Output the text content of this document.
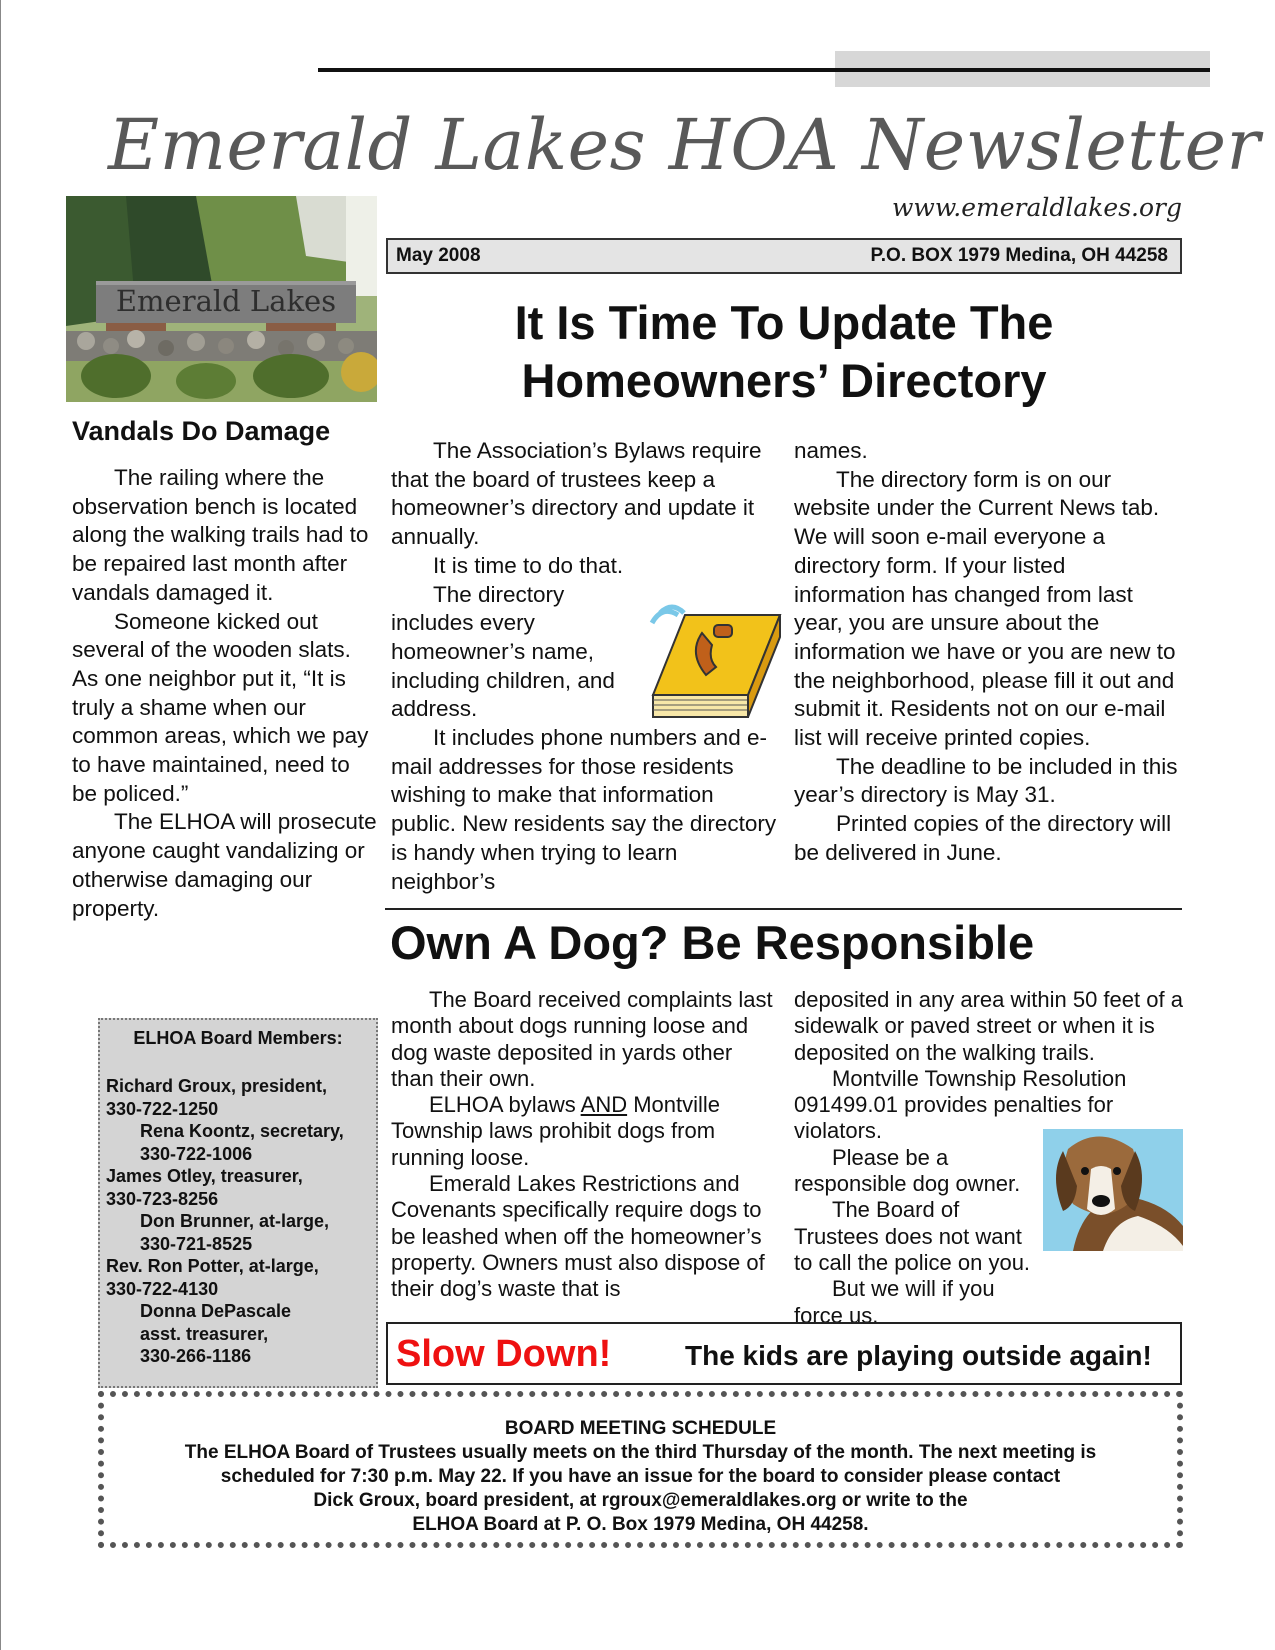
Emerald Lakes HOA Newsletter
www.emeraldlakes.org
May 2008	P.O. BOX 1979 Medina, OH 44258
Emerald Lakes
Vandals Do Damage

The railing where the observation bench is located along the walking trails had to be repaired last month after vandals damaged it.

Someone kicked out several of the wooden slats. As one neighbor put it, “It is truly a shame when our common areas, which we pay to have maintained, need to be policed.”

The ELHOA will prosecute anyone caught vandalizing or otherwise damaging our property.

It Is Time To Update The Homeowners’ Directory

The Association’s Bylaws require that the board of trustees keep a homeowner’s directory and update it annually.

It is time to do that.

The directory includes every homeowner’s name, including children, and address.

It includes phone numbers and e-mail addresses for those residents wishing to make that information public. New residents say the directory is handy when trying to learn neighbor’s

names.

The directory form is on our website under the Current News tab. We will soon e-mail everyone a directory form. If your listed information has changed from last year, you are unsure about the information we have or you are new to the neighborhood, please fill it out and submit it. Residents not on our e-mail list will receive printed copies.

The deadline to be included in this year’s directory is May 31.

Printed copies of the directory will be delivered in June.

Own A Dog? Be Responsible

The Board received complaints last month about dogs running loose and dog waste deposited in yards other than their own.

ELHOA bylaws AND Montville Township laws prohibit dogs from running loose.

Emerald Lakes Restrictions and Covenants specifically require dogs to be leashed when off the homeowner’s property. Owners must also dispose of their dog’s waste that is

deposited in any area within 50 feet of a sidewalk or paved street or when it is deposited on the walking trails.

Montville Township Resolution 091499.01 provides penalties for violators.

Please be a responsible dog owner.

The Board of Trustees does not want to call the police on you.

But we will if you force us.

ELHOA Board Members:
Richard Groux, president,
330-722-1250
Rena Koontz, secretary,
330-722-1006
James Otley, treasurer,
330-723-8256
Don Brunner, at-large,
330-721-8525
Rev. Ron Potter, at-large,
330-722-4130
Donna DePascale
asst. treasurer,
330-266-1186	Slow Down!	The kids are playing outside again!
BOARD MEETING SCHEDULE
The ELHOA Board of Trustees usually meets on the third Thursday of the month. The next meeting is
scheduled for 7:30 p.m. May 22. If you have an issue for the board to consider please contact
Dick Groux, board president, at rgroux@emeraldlakes.org or write to the
ELHOA Board at P. O. Box 1979 Medina, OH 44258.
